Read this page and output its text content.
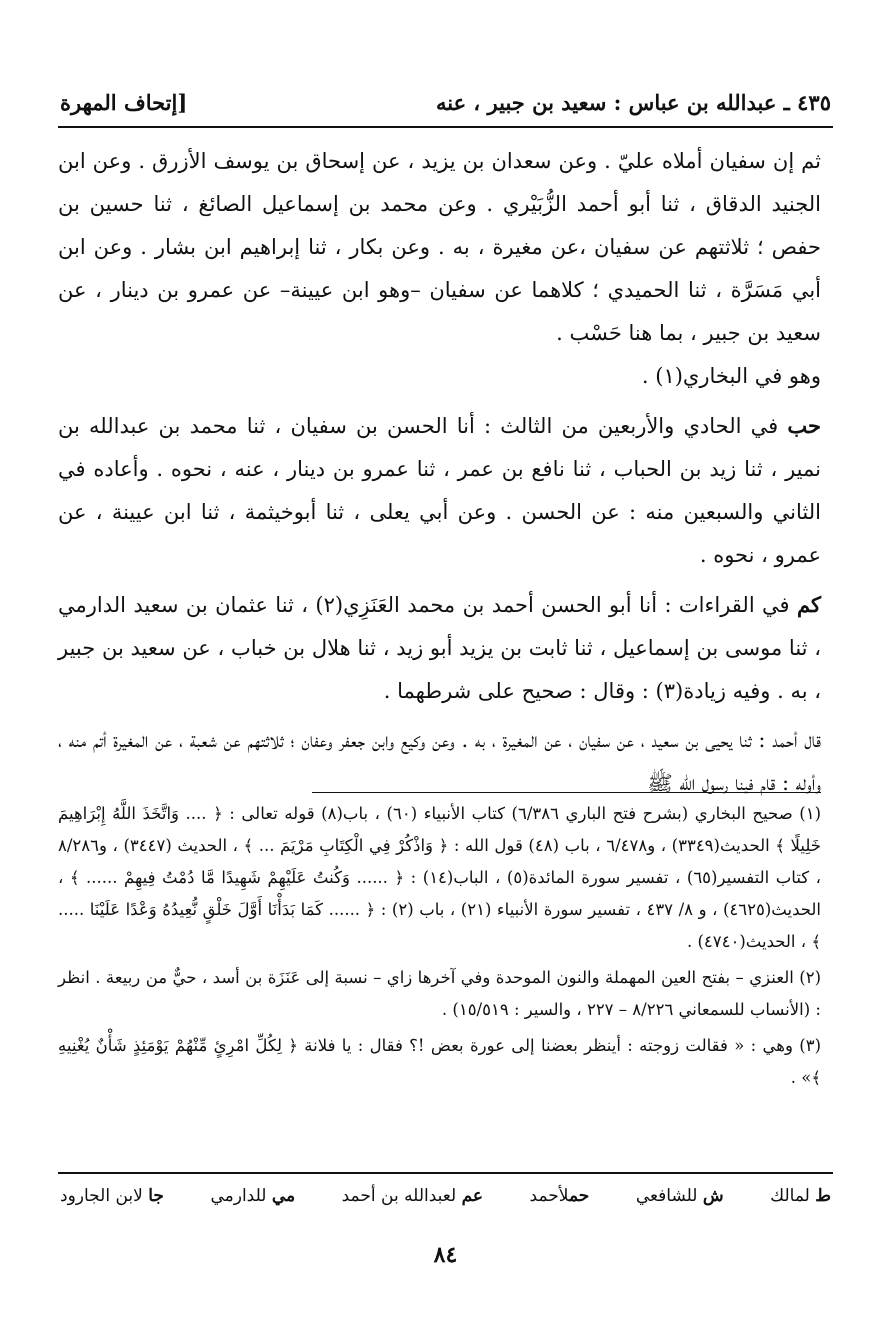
٤٣٥ ـ عبدالله بن عباس : سعيد بن جبير ، عنه
[إتحاف المهرة

ثم إن سفيان أملاه عليّ . وعن سعدان بن يزيد ، عن إسحاق بن يوسف الأزرق . وعن ابن الجنيد الدقاق ، ثنا أبو أحمد الزُّبَيْري . وعن محمد بن إسماعيل الصائغ ، ثنا حسين بن حفص ؛ ثلاثتهم عن سفيان ،عن مغيرة ، به . وعن بكار ، ثنا إبراهيم ابن بشار . وعن ابن أبي مَسَرَّة ، ثنا الحميدي ؛ كلاهما عن سفيان –وهو ابن عيينة– عن عمرو بن دينار ، عن سعيد بن جبير ، بما هنا حَسْب .

وهو في البخاري(١) .

حب في الحادي والأربعين من الثالث : أنا الحسن بن سفيان ، ثنا محمد بن عبدالله بن نمير ، ثنا زيد بن الحباب ، ثنا نافع بن عمر ، ثنا عمرو بن دينار ، عنه ، نحوه . وأعاده في الثاني والسبعين منه : عن الحسن . وعن أبي يعلى ، ثنا أبوخيثمة ، ثنا ابن عيينة ، عن عمرو ، نحوه .

كم في القراءات : أنا أبو الحسن أحمد بن محمد العَنَزِي(٢) ، ثنا عثمان بن سعيد الدارمي ، ثنا موسى بن إسماعيل ، ثنا ثابت بن يزيد أبو زيد ، ثنا هلال بن خباب ، عن سعيد بن جبير ، به . وفيه زيادة(٣) : وقال : صحيح على شرطهما .

قال أحمد : ثنا يحيى بن سعيد ، عن سفيان ، عن المغيرة ، به . وعن وكيع وابن جعفر وعفان ؛ ثلاثتهم عن شعبة ، عن المغيرة أتم منه ، وأوله : قام فينا رسول الله ﷺ

(١) صحيح البخاري (بشرح فتح الباري ٦/٣٨٦) كتاب الأنبياء (٦٠) ، باب(٨) قوله تعالى : ﴿ .... وَاتَّخَذَ اللَّهُ إِبْرَاهِيمَ خَلِيلًا ﴾ الحديث(٣٣٤٩) ، و٦/٤٧٨ ، باب (٤٨) قول الله : ﴿ وَاذْكُرْ فِي الْكِتَابِ مَرْيَمَ ... ﴾ ، الحديث (٣٤٤٧) ، و٨/٢٨٦ ، كتاب التفسير(٦٥) ، تفسير سورة المائدة(٥) ، الباب(١٤) : ﴿ ...... وَكُنتُ عَلَيْهِمْ شَهِيدًا مَّا دُمْتُ فِيهِمْ ...... ﴾ ، الحديث(٤٦٢٥) ، و ٨/ ٤٣٧ ، تفسير سورة الأنبياء (٢١) ، باب (٢) : ﴿ ...... كَمَا بَدَأْنَا أَوَّلَ خَلْقٍ نُّعِيدُهُ وَعْدًا عَلَيْنَا ..... ﴾ ، الحديث(٤٧٤٠) .

(٢) العنزي – بفتح العين المهملة والنون الموحدة وفي آخرها زاي – نسبة إلى عَنَزَة بن أسد ، حيٌّ من ربيعة . انظر : (الأنساب للسمعاني ٨/٢٢٦ – ٢٢٧ ، والسير : ١٥/٥١٩) .

(٣) وهي : « فقالت زوجته : أينظر بعضنا إلى عورة بعض !؟ فقال : يا فلانة ﴿ لِكُلِّ امْرِئٍ مِّنْهُمْ يَوْمَئِذٍ شَأْنٌ يُغْنِيهِ ﴾» .

ط لمالك
ش للشافعي
حملأحمد
عم لعبدالله بن أحمد
مي للدارمي
جا لابن الجارود
٨٤
